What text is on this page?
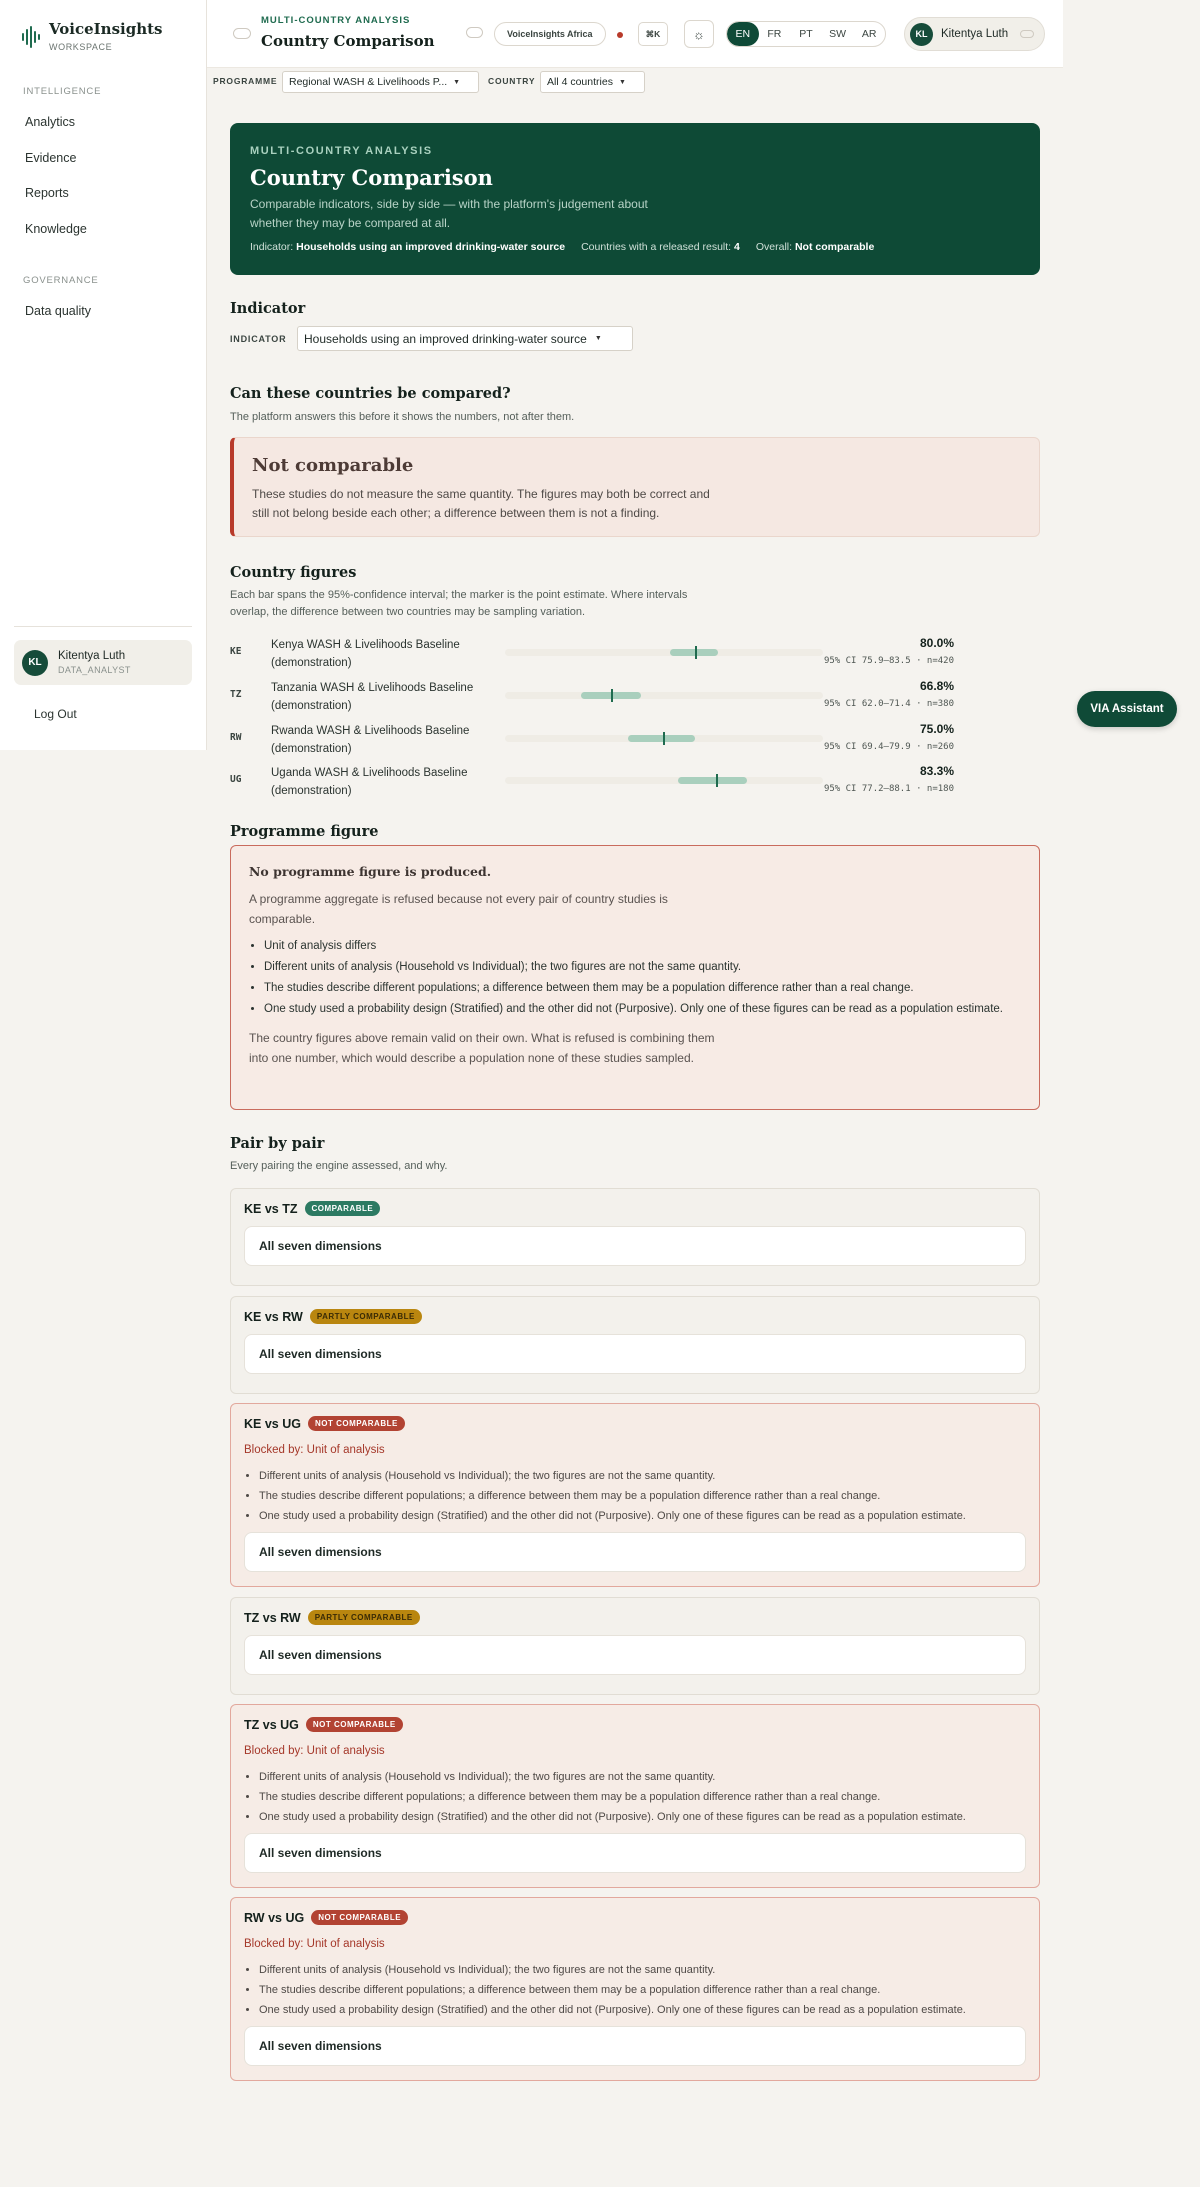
VoiceInsights
WORKSPACE
INTELLIGENCE
Analytics
Evidence
Reports
Knowledge
GOVERNANCE
Data quality
KL
Kitentya Luth
DATA_ANALYST
Log Out
MULTI-COUNTRY ANALYSIS
Country Comparison	VoiceInsights Africa	⌘K	☼	EN	FR	PT	SW	AR	KL	Kitentya Luth
PROGRAMME Regional WASH & Livelihoods P... ▼	COUNTRY All 4 countries ▼
MULTI-COUNTRY ANALYSIS
Country Comparison
Comparable indicators, side by side — with the platform's judgement about whether they may be compared at all.
Indicator: Households using an improved drinking-water source Countries with a released result: 4 Overall: Not comparable
Indicator
INDICATOR Households using an improved drinking-water source ▼
Can these countries be compared?
The platform answers this before it shows the numbers, not after them.
Not comparable
These studies do not measure the same quantity. The figures may both be correct and still not belong beside each other; a difference between them is not a finding.
Country figures
Each bar spans the 95%-confidence interval; the marker is the point estimate. Where intervals overlap, the difference between two countries may be sampling variation.
KE
Kenya WASH & Livelihoods Baseline (demonstration)
80.0%
95% CI 75.9–83.5 · n=420
TZ
Tanzania WASH & Livelihoods Baseline (demonstration)
66.8%
95% CI 62.0–71.4 · n=380
RW
Rwanda WASH & Livelihoods Baseline (demonstration)
75.0%
95% CI 69.4–79.9 · n=260
UG
Uganda WASH & Livelihoods Baseline (demonstration)
83.3%
95% CI 77.2–88.1 · n=180
Programme figure
No programme figure is produced.
A programme aggregate is refused because not every pair of country studies is comparable.
• Unit of analysis differs
• Different units of analysis (Household vs Individual); the two figures are not the same quantity.
• The studies describe different populations; a difference between them may be a population difference rather than a real change.
• One study used a probability design (Stratified) and the other did not (Purposive). Only one of these figures can be read as a population estimate.
The country figures above remain valid on their own. What is refused is combining them into one number, which would describe a population none of these studies sampled.
Pair by pair
Every pairing the engine assessed, and why.
KE vs TZ	COMPARABLE
All seven dimensions
KE vs RW	PARTLY COMPARABLE
All seven dimensions
KE vs UG	NOT COMPARABLE
Blocked by: Unit of analysis
• Different units of analysis (Household vs Individual); the two figures are not the same quantity.
• The studies describe different populations; a difference between them may be a population difference rather than a real change.
• One study used a probability design (Stratified) and the other did not (Purposive). Only one of these figures can be read as a population estimate.
All seven dimensions
TZ vs RW	PARTLY COMPARABLE
All seven dimensions
TZ vs UG	NOT COMPARABLE
Blocked by: Unit of analysis
• Different units of analysis (Household vs Individual); the two figures are not the same quantity.
• The studies describe different populations; a difference between them may be a population difference rather than a real change.
• One study used a probability design (Stratified) and the other did not (Purposive). Only one of these figures can be read as a population estimate.
All seven dimensions
RW vs UG	NOT COMPARABLE
Blocked by: Unit of analysis
• Different units of analysis (Household vs Individual); the two figures are not the same quantity.
• The studies describe different populations; a difference between them may be a population difference rather than a real change.
• One study used a probability design (Stratified) and the other did not (Purposive). Only one of these figures can be read as a population estimate.
All seven dimensions
VIA Assistant
